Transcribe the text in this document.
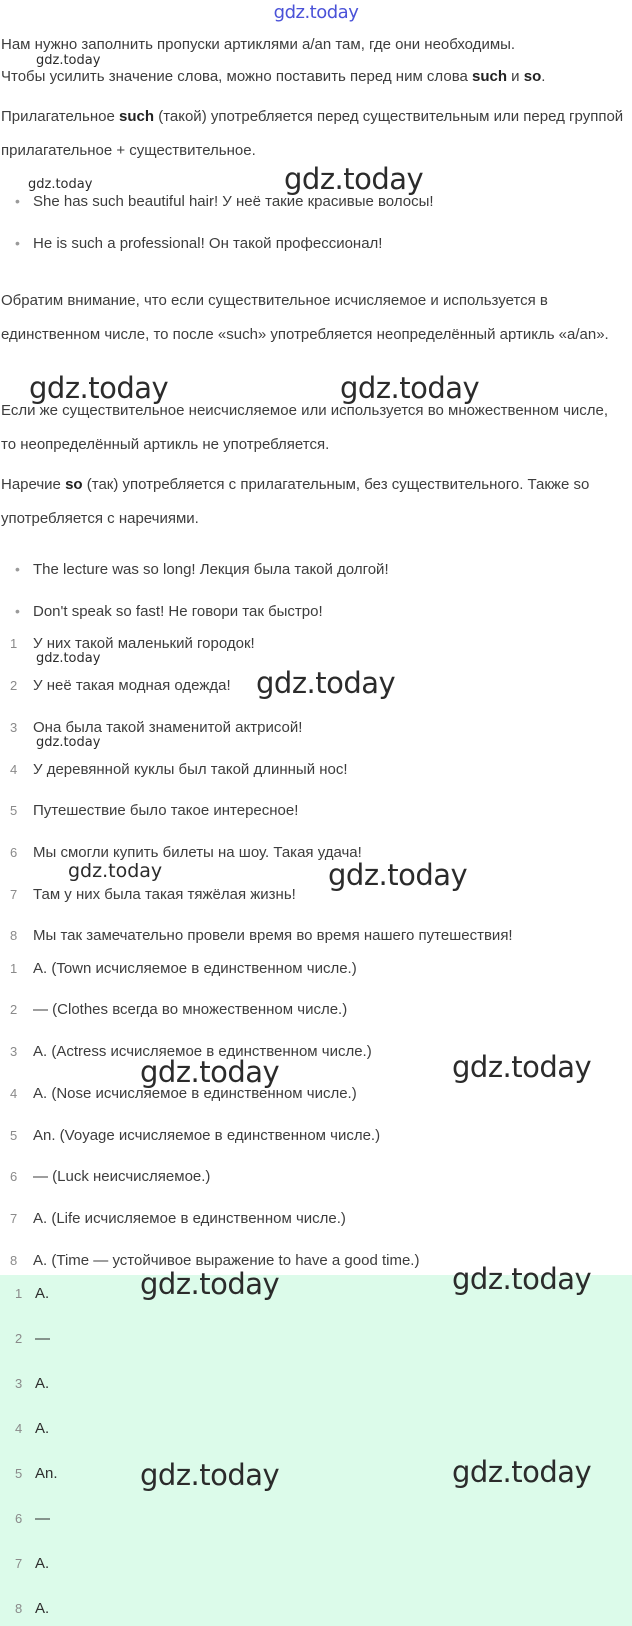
gdz.today
Нам нужно заполнить пропуски артиклями a/an там, где они необходимы.
Чтобы усилить значение слова, можно поставить перед ним слова such и so.
Прилагательное such (такой) употребляется перед существительным или перед группой прилагательное + существительное.
• She has such beautiful hair! У неё такие красивые волосы!
• He is such a professional! Он такой профессионал!
Обратим внимание, что если существительное исчисляемое и используется в единственном числе, то после «such» употребляется неопределённый артикль «a/an».
Если же существительное неисчисляемое или используется во множественном числе, то неопределённый артикль не употребляется.
Наречие so (так) употребляется с прилагательным, без существительного. Также so употребляется с наречиями.
• The lecture was so long! Лекция была такой долгой!
• Don't speak so fast! Не говори так быстро!
1 У них такой маленький городок!
2 У неё такая модная одежда!
3 Она была такой знаменитой актрисой!
4 У деревянной куклы был такой длинный нос!
5 Путешествие было такое интересное!
6 Мы смогли купить билеты на шоу. Такая удача!
7 Там у них была такая тяжёлая жизнь!
8 Мы так замечательно провели время во время нашего путешествия!
1 A. (Town исчисляемое в единственном числе.)
2 — (Clothes всегда во множественном числе.)
3 A. (Actress исчисляемое в единственном числе.)
4 A. (Nose исчисляемое в единственном числе.)
5 An. (Voyage исчисляемое в единственном числе.)
6 — (Luck неисчисляемое.)
7 A. (Life исчисляемое в единственном числе.)
8 A. (Time — устойчивое выражение to have a good time.)
1 A.
2 —
3 A.
4 A.
5 An.
6 —
7 A.
8 A.
gdz.today
gdz.today
gdz.today
gdz.today	gdz.today
gdz.today
gdz.today
gdz.today
gdz.today	gdz.today
gdz.today	gdz.today
gdz.today	gdz.today
gdz.today	gdz.today
